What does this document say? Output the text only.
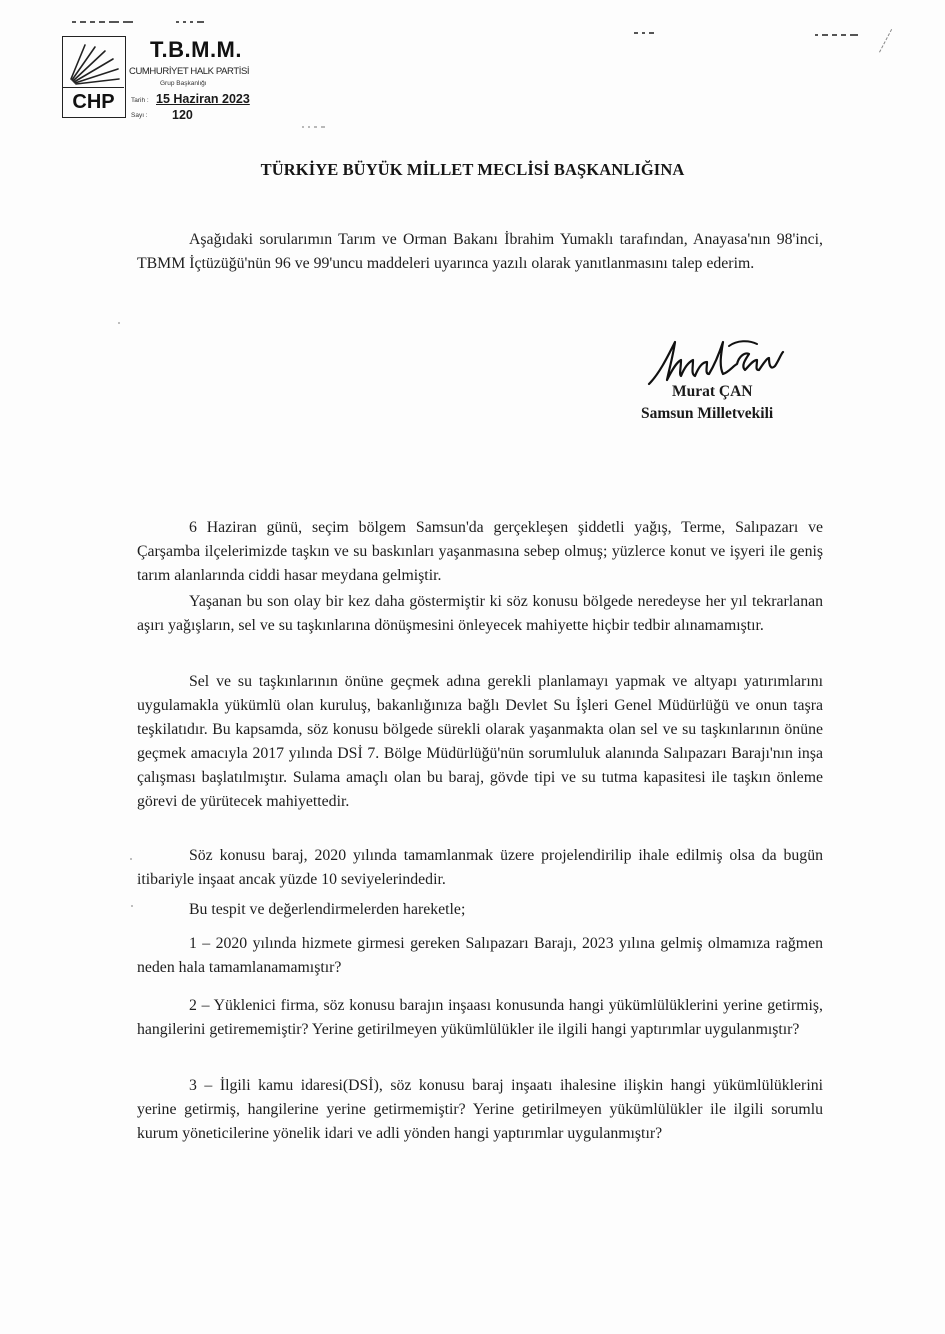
CHP
T.B.M.M.
CUMHURİYET HALK PARTİSİ
Grup Başkanlığı
Tarih : 15 Haziran 2023
Sayı : 120
TÜRKİYE BÜYÜK MİLLET MECLİSİ BAŞKANLIĞINA
Aşağıdaki sorularımın Tarım ve Orman Bakanı İbrahim Yumaklı tarafından, Anayasa'nın 98'inci, TBMM İçtüzüğü'nün 96 ve 99'uncu maddeleri uyarınca yazılı olarak yanıtlanmasını talep ederim.
Murat ÇAN
Samsun Milletvekili
6 Haziran günü, seçim bölgem Samsun'da gerçekleşen şiddetli yağış, Terme, Salıpazarı ve Çarşamba ilçelerimizde taşkın ve su baskınları yaşanmasına sebep olmuş; yüzlerce konut ve işyeri ile geniş tarım alanlarında ciddi hasar meydana gelmiştir.
Yaşanan bu son olay bir kez daha göstermiştir ki söz konusu bölgede neredeyse her yıl tekrarlanan aşırı yağışların, sel ve su taşkınlarına dönüşmesini önleyecek mahiyette hiçbir tedbir alınamamıştır.
Sel ve su taşkınlarının önüne geçmek adına gerekli planlamayı yapmak ve altyapı yatırımlarını uygulamakla yükümlü olan kuruluş, bakanlığınıza bağlı Devlet Su İşleri Genel Müdürlüğü ve onun taşra teşkilatıdır. Bu kapsamda, söz konusu bölgede sürekli olarak yaşanmakta olan sel ve su taşkınlarının önüne geçmek amacıyla 2017 yılında DSİ 7. Bölge Müdürlüğü'nün sorumluluk alanında Salıpazarı Barajı'nın inşa çalışması başlatılmıştır. Sulama amaçlı olan bu baraj, gövde tipi ve su tutma kapasitesi ile taşkın önleme görevi de yürütecek mahiyettedir.
Söz konusu baraj, 2020 yılında tamamlanmak üzere projelendirilip ihale edilmiş olsa da bugün itibariyle inşaat ancak yüzde 10 seviyelerindedir.
Bu tespit ve değerlendirmelerden hareketle;
1 – 2020 yılında hizmete girmesi gereken Salıpazarı Barajı, 2023 yılına gelmiş olmamıza rağmen neden hala tamamlanamamıştır?
2 – Yüklenici firma, söz konusu barajın inşaası konusunda hangi yükümlülüklerini yerine getirmiş, hangilerini getirememiştir? Yerine getirilmeyen yükümlülükler ile ilgili hangi yaptırımlar uygulanmıştır?
3 – İlgili kamu idaresi(DSİ), söz konusu baraj inşaatı ihalesine ilişkin hangi yükümlülüklerini yerine getirmiş, hangilerine yerine getirmemiştir? Yerine getirilmeyen yükümlülükler ile ilgili sorumlu kurum yöneticilerine yönelik idari ve adli yönden hangi yaptırımlar uygulanmıştır?
